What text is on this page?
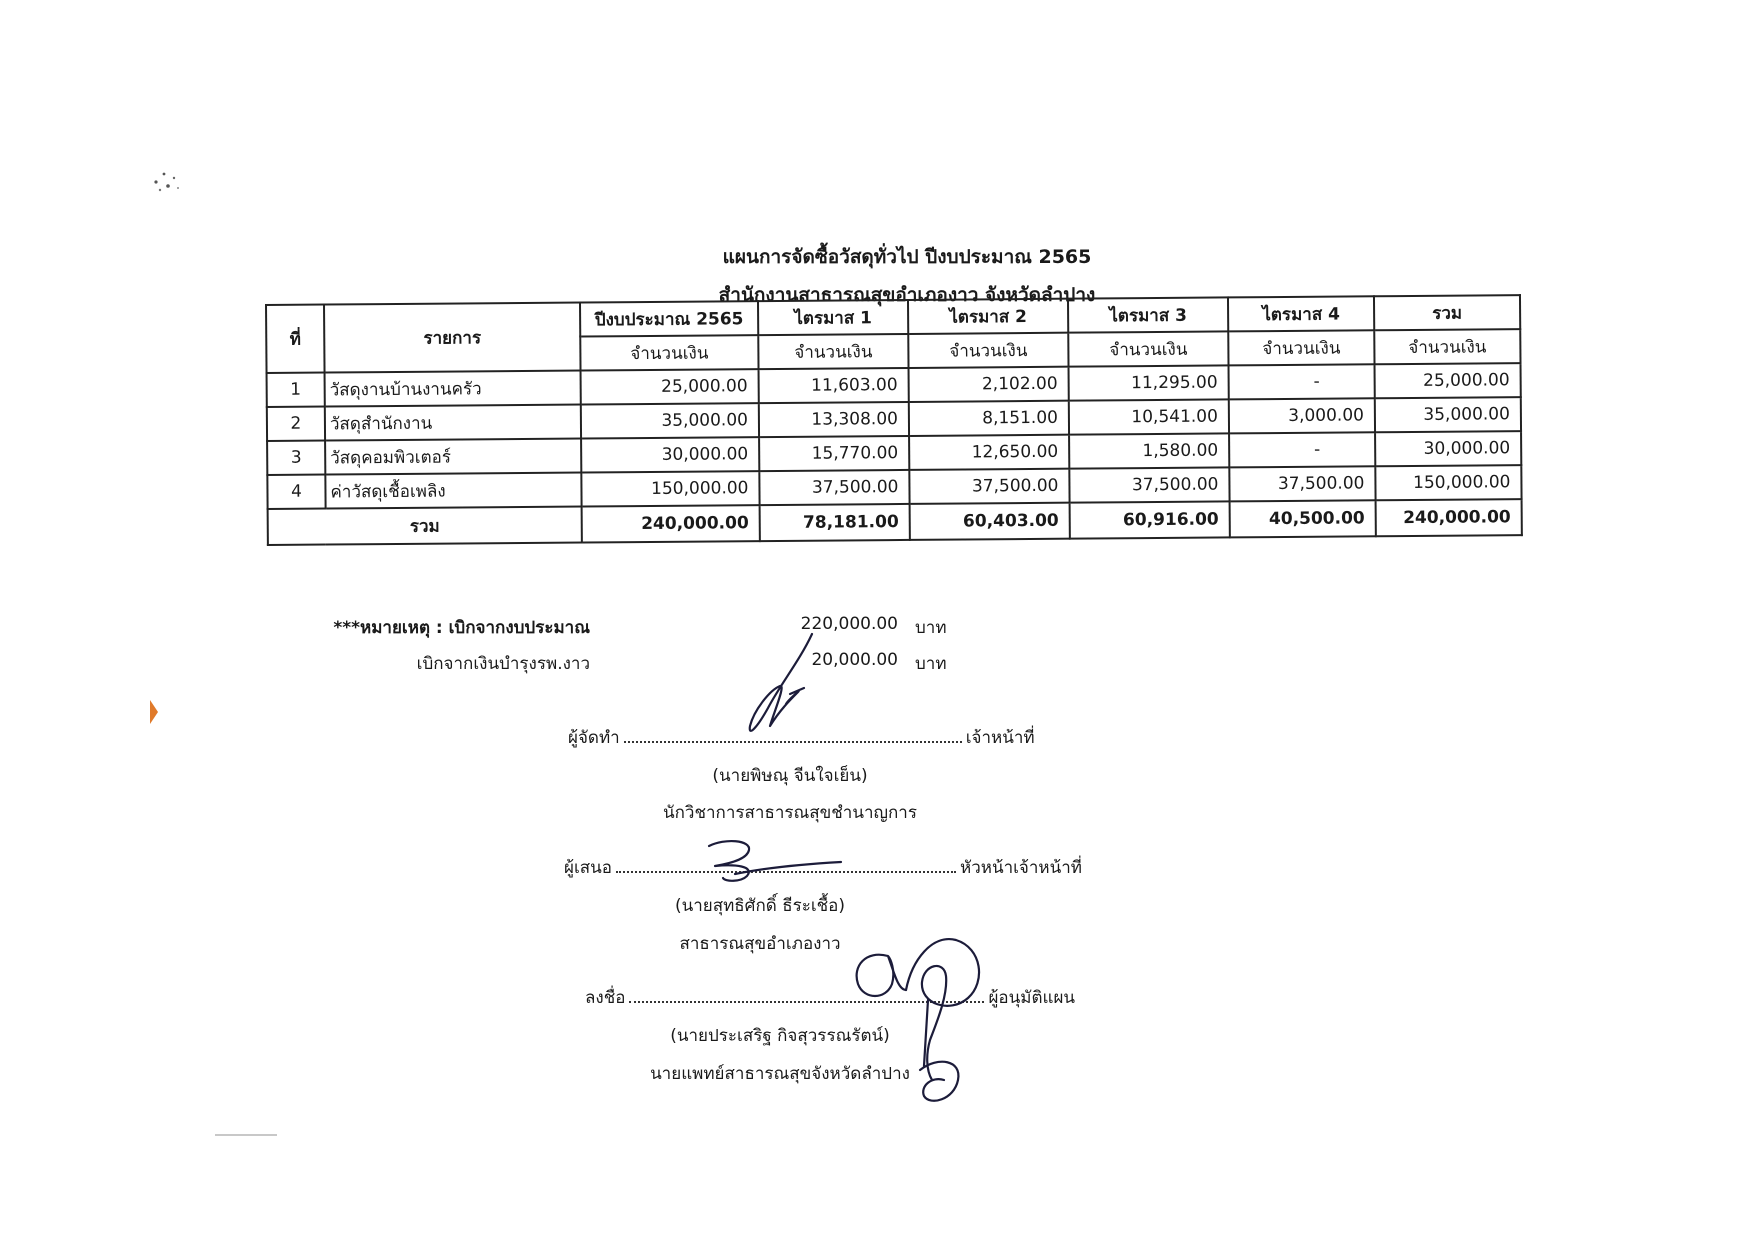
แผนการจัดซื้อวัสดุทั่วไป ปีงบประมาณ 2565
สำนักงานสาธารณสุขอำเภองาว จังหวัดลำปาง
ที่	รายการ	ปีงบประมาณ 2565	ไตรมาส 1	ไตรมาส 2	ไตรมาส 3	ไตรมาส 4	รวม
		จำนวนเงิน	จำนวนเงิน	จำนวนเงิน	จำนวนเงิน	จำนวนเงิน	จำนวนเงิน
1	วัสดุงานบ้านงานครัว	25,000.00	11,603.00	2,102.00	11,295.00	-	25,000.00
2	วัสดุสำนักงาน	35,000.00	13,308.00	8,151.00	10,541.00	3,000.00	35,000.00
3	วัสดุคอมพิวเตอร์	30,000.00	15,770.00	12,650.00	1,580.00	-	30,000.00
4	ค่าวัสดุเชื้อเพลิง	150,000.00	37,500.00	37,500.00	37,500.00	37,500.00	150,000.00
รวม		240,000.00	78,181.00	60,403.00	60,916.00	40,500.00	240,000.00
***หมายเหตุ : เบิกจากงบประมาณ	220,000.00 บาท
เบิกจากเงินบำรุงรพ.งาว	20,000.00 บาท
ผู้จัดทำ	เจ้าหน้าที่
(นายพิษณุ จีนใจเย็น)
นักวิชาการสาธารณสุขชำนาญการ
ผู้เสนอ	หัวหน้าเจ้าหน้าที่
(นายสุทธิศักดิ์ ธีระเชื้อ)
สาธารณสุขอำเภองาว
ลงชื่อ	ผู้อนุมัติแผน
(นายประเสริฐ กิจสุวรรณรัตน์)
นายแพทย์สาธารณสุขจังหวัดลำปาง
